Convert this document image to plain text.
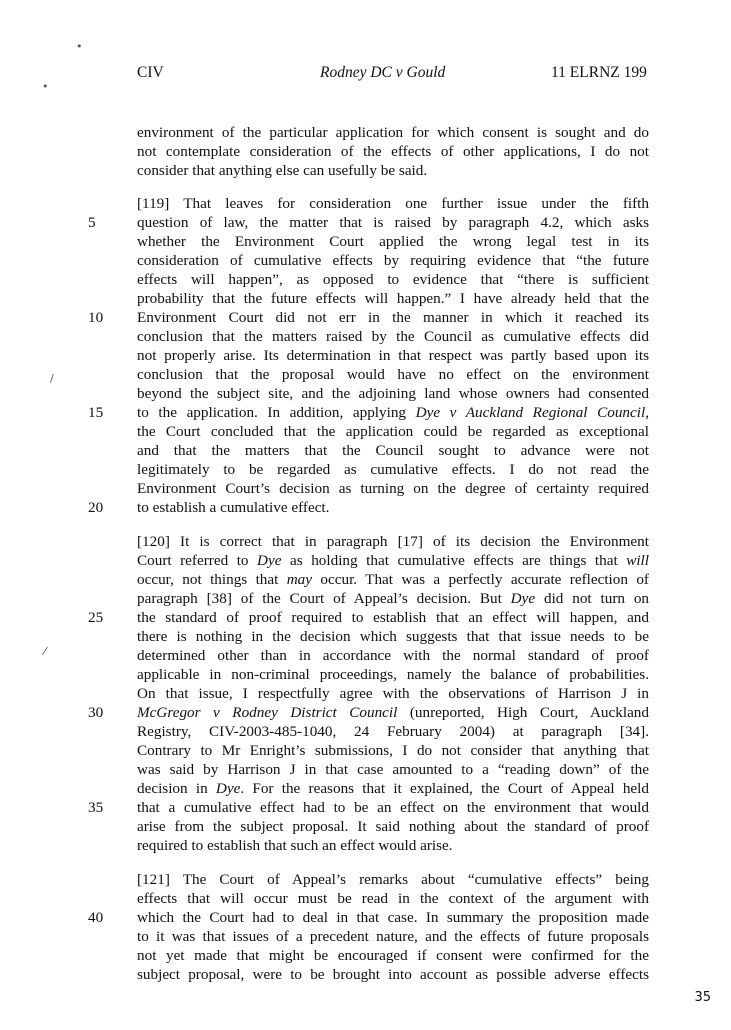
CIV	Rodney DC v Gould	11 ELRNZ 199
•
•
/
⁄
environment of the particular application for which consent is sought and do
not contemplate consideration of the effects of other applications, I do not
consider that anything else can usefully be said.
[119] That leaves for consideration one further issue under the fifth
question of law, the matter that is raised by paragraph 4.2, which asks
whether the Environment Court applied the wrong legal test in its
consideration of cumulative effects by requiring evidence that “the future
effects will happen”, as opposed to evidence that “there is sufficient
probability that the future effects will happen.” I have already held that the
Environment Court did not err in the manner in which it reached its
conclusion that the matters raised by the Council as cumulative effects did
not properly arise. Its determination in that respect was partly based upon its
conclusion that the proposal would have no effect on the environment
beyond the subject site, and the adjoining land whose owners had consented
to the application. In addition, applying Dye v Auckland Regional Council,
the Court concluded that the application could be regarded as exceptional
and that the matters that the Council sought to advance were not
legitimately to be regarded as cumulative effects. I do not read the
Environment Court’s decision as turning on the degree of certainty required
to establish a cumulative effect.
[120] It is correct that in paragraph [17] of its decision the Environment
Court referred to Dye as holding that cumulative effects are things that will
occur, not things that may occur. That was a perfectly accurate reflection of
paragraph [38] of the Court of Appeal’s decision. But Dye did not turn on
the standard of proof required to establish that an effect will happen, and
there is nothing in the decision which suggests that that issue needs to be
determined other than in accordance with the normal standard of proof
applicable in non-criminal proceedings, namely the balance of probabilities.
On that issue, I respectfully agree with the observations of Harrison J in
McGregor v Rodney District Council (unreported, High Court, Auckland
Registry, CIV-2003-485-1040, 24 February 2004) at paragraph [34].
Contrary to Mr Enright’s submissions, I do not consider that anything that
was said by Harrison J in that case amounted to a “reading down” of the
decision in Dye. For the reasons that it explained, the Court of Appeal held
that a cumulative effect had to be an effect on the environment that would
arise from the subject proposal. It said nothing about the standard of proof
required to establish that such an effect would arise.
[121] The Court of Appeal’s remarks about “cumulative effects” being
effects that will occur must be read in the context of the argument with
which the Court had to deal in that case. In summary the proposition made
to it was that issues of a precedent nature, and the effects of future proposals
not yet made that might be encouraged if consent were confirmed for the
subject proposal, were to be brought into account as possible adverse effects
5
10
15
20
25
30
35
40
35
